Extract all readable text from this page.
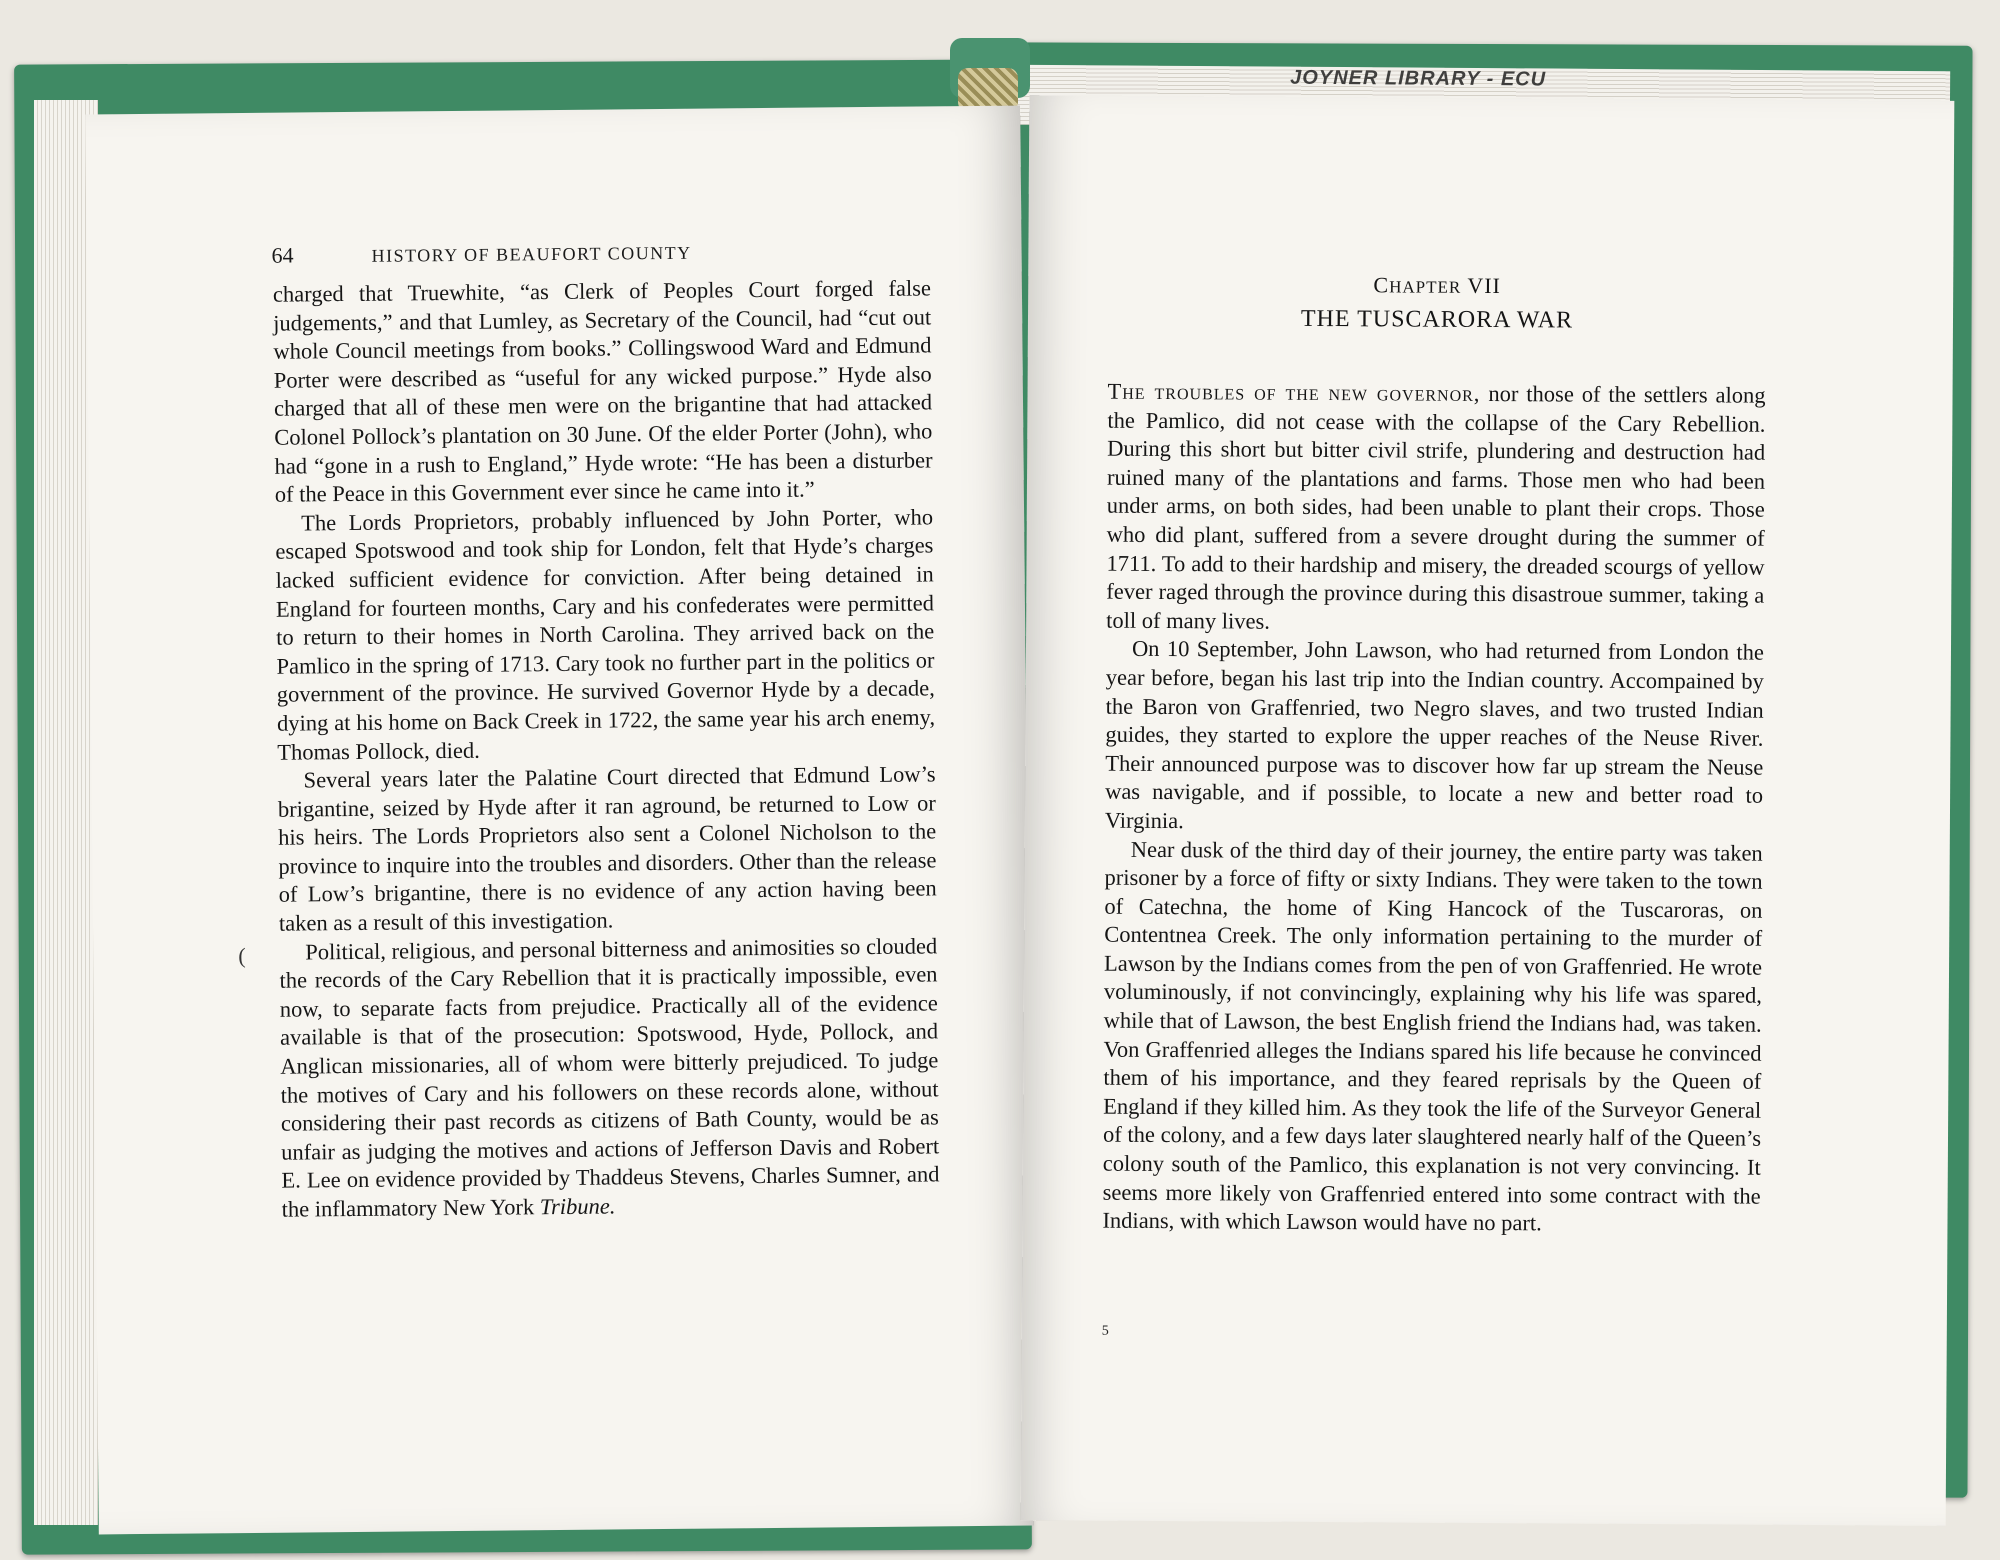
JOYNER LIBRARY - ECU
64	HISTORY OF BEAUFORT COUNTY
(

charged that Truewhite, “as Clerk of Peoples Court forged false judgements,” and that Lumley, as Secretary of the Council, had “cut out whole Council meetings from books.” Collingswood Ward and Edmund Porter were described as “useful for any wicked purpose.” Hyde also charged that all of these men were on the brigantine that had attacked Colonel Pollock’s plantation on 30 June. Of the elder Porter (John), who had “gone in a rush to England,” Hyde wrote: “He has been a disturber of the Peace in this Government ever since he came into it.”

The Lords Proprietors, probably influenced by John Porter, who escaped Spotswood and took ship for London, felt that Hyde’s charges lacked sufficient evidence for conviction. After being detained in England for fourteen months, Cary and his confederates were permitted to return to their homes in North Carolina. They arrived back on the Pamlico in the spring of 1713. Cary took no further part in the politics or government of the province. He survived Governor Hyde by a decade, dying at his home on Back Creek in 1722, the same year his arch enemy, Thomas Pollock, died.

Several years later the Palatine Court directed that Edmund Low’s brigantine, seized by Hyde after it ran aground, be returned to Low or his heirs. The Lords Proprietors also sent a Colonel Nicholson to the province to inquire into the troubles and disorders. Other than the release of Low’s brigantine, there is no evidence of any action having been taken as a result of this investigation.

Political, religious, and personal bitterness and animosities so clouded the records of the Cary Rebellion that it is practically impossible, even now, to separate facts from prejudice. Practically all of the evidence available is that of the prosecution: Spotswood, Hyde, Pollock, and Anglican missionaries, all of whom were bitterly prejudiced. To judge the motives of Cary and his followers on these records alone, without considering their past records as citizens of Bath County, would be as unfair as judging the motives and actions of Jefferson Davis and Robert E. Lee on evidence provided by Thaddeus Stevens, Charles Sumner, and the inflammatory New York Tribune.

CHAPTER VII
THE TUSCARORA WAR

The troubles of the new governor, nor those of the settlers along the Pamlico, did not cease with the collapse of the Cary Rebellion. During this short but bitter civil strife, plundering and destruction had ruined many of the plantations and farms. Those men who had been under arms, on both sides, had been unable to plant their crops. Those who did plant, suffered from a severe drought during the summer of 1711. To add to their hardship and misery, the dreaded scourgs of yellow fever raged through the province during this disastroue summer, taking a toll of many lives.

On 10 September, John Lawson, who had returned from London the year before, began his last trip into the Indian country. Accompained by the Baron von Graffenried, two Negro slaves, and two trusted Indian guides, they started to explore the upper reaches of the Neuse River. Their announced purpose was to discover how far up stream the Neuse was navigable, and if possible, to locate a new and better road to Virginia.

Near dusk of the third day of their journey, the entire party was taken prisoner by a force of fifty or sixty Indians. They were taken to the town of Catechna, the home of King Hancock of the Tuscaroras, on Contentnea Creek. The only information pertaining to the murder of Lawson by the Indians comes from the pen of von Graffenried. He wrote voluminously, if not convincingly, explaining why his life was spared, while that of Lawson, the best English friend the Indians had, was taken. Von Graffenried alleges the Indians spared his life because he convinced them of his importance, and they feared reprisals by the Queen of England if they killed him. As they took the life of the Surveyor General of the colony, and a few days later slaughtered nearly half of the Queen’s colony south of the Pamlico, this explanation is not very convincing. It seems more likely von Graffenried entered into some contract with the Indians, with which Lawson would have no part.

5
